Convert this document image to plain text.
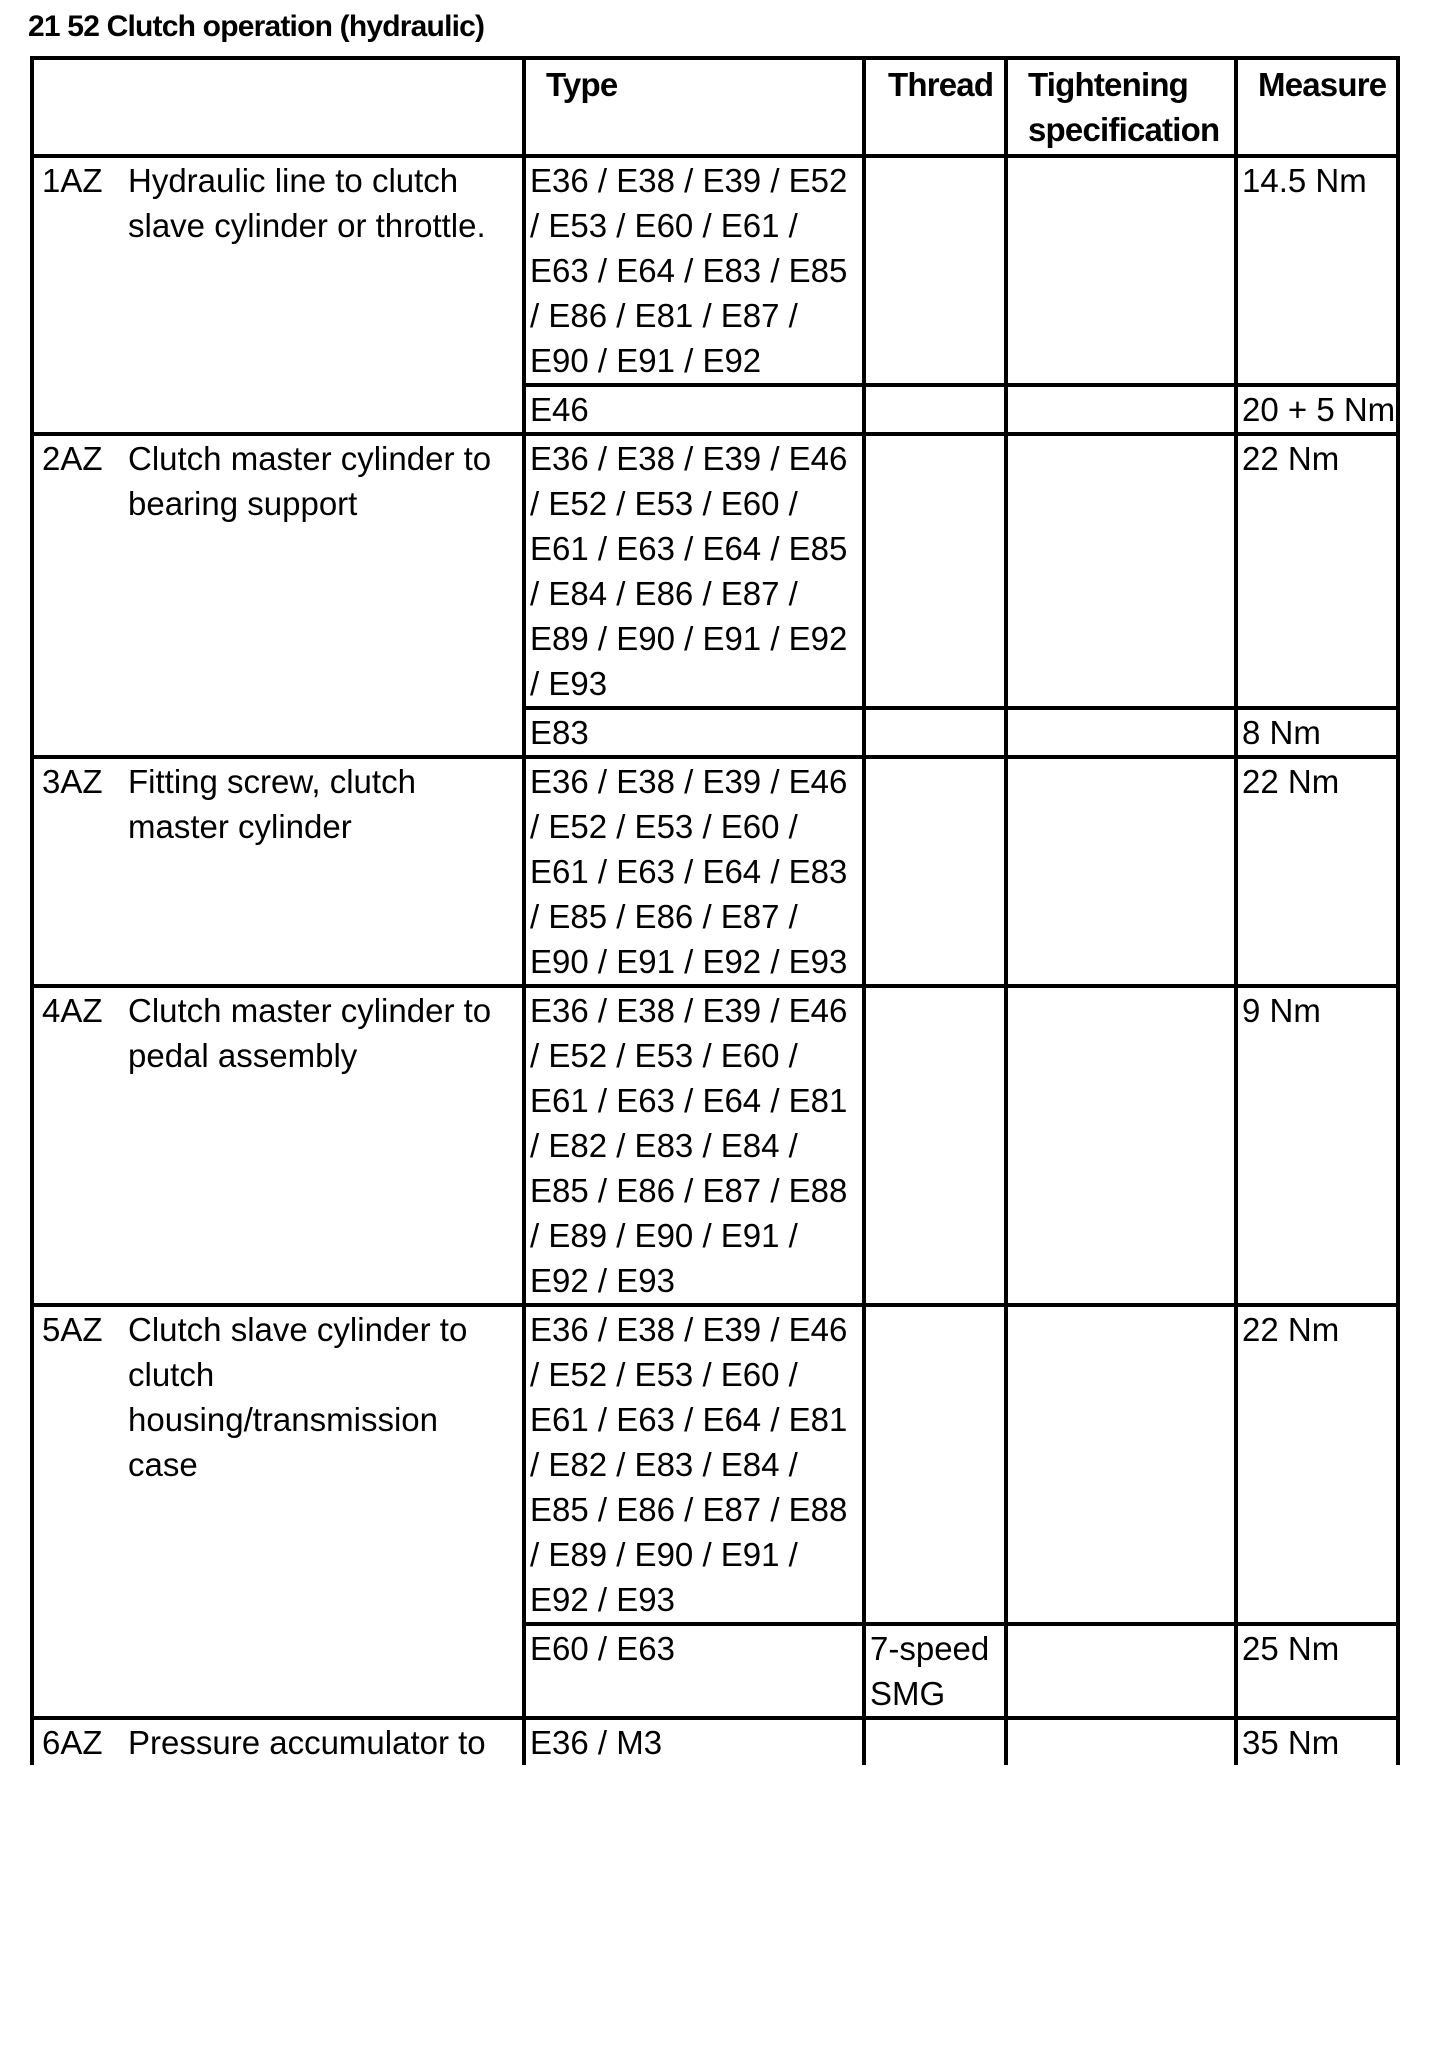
21 52 Clutch operation (hydraulic)
	Type	Thread	Tightening specification	Measure

1AZ Hydraulic line to clutch slave cylinder or throttle.	E36 / E38 / E39 / E52 / E53 / E60 / E61 / E63 / E64 / E83 / E85 / E86 / E81 / E87 / E90 / E91 / E92			14.5 Nm
	E46			20 + 5 Nm

2AZ Clutch master cylinder to bearing support	E36 / E38 / E39 / E46 / E52 / E53 / E60 / E61 / E63 / E64 / E85 / E84 / E86 / E87 / E89 / E90 / E91 / E92 / E93			22 Nm
	E83			8 Nm

3AZ Fitting screw, clutch master cylinder	E36 / E38 / E39 / E46 / E52 / E53 / E60 / E61 / E63 / E64 / E83 / E85 / E86 / E87 / E90 / E91 / E92 / E93			22 Nm

4AZ Clutch master cylinder to pedal assembly	E36 / E38 / E39 / E46 / E52 / E53 / E60 / E61 / E63 / E64 / E81 / E82 / E83 / E84 / E85 / E86 / E87 / E88 / E89 / E90 / E91 / E92 / E93			9 Nm

5AZ Clutch slave cylinder to clutch housing/transmission case	E36 / E38 / E39 / E46 / E52 / E53 / E60 / E61 / E63 / E64 / E81 / E82 / E83 / E84 / E85 / E86 / E87 / E88 / E89 / E90 / E91 / E92 / E93			22 Nm
	E60 / E63	7-speed SMG		25 Nm

6AZ Pressure accumulator to	E36 / M3			35 Nm
